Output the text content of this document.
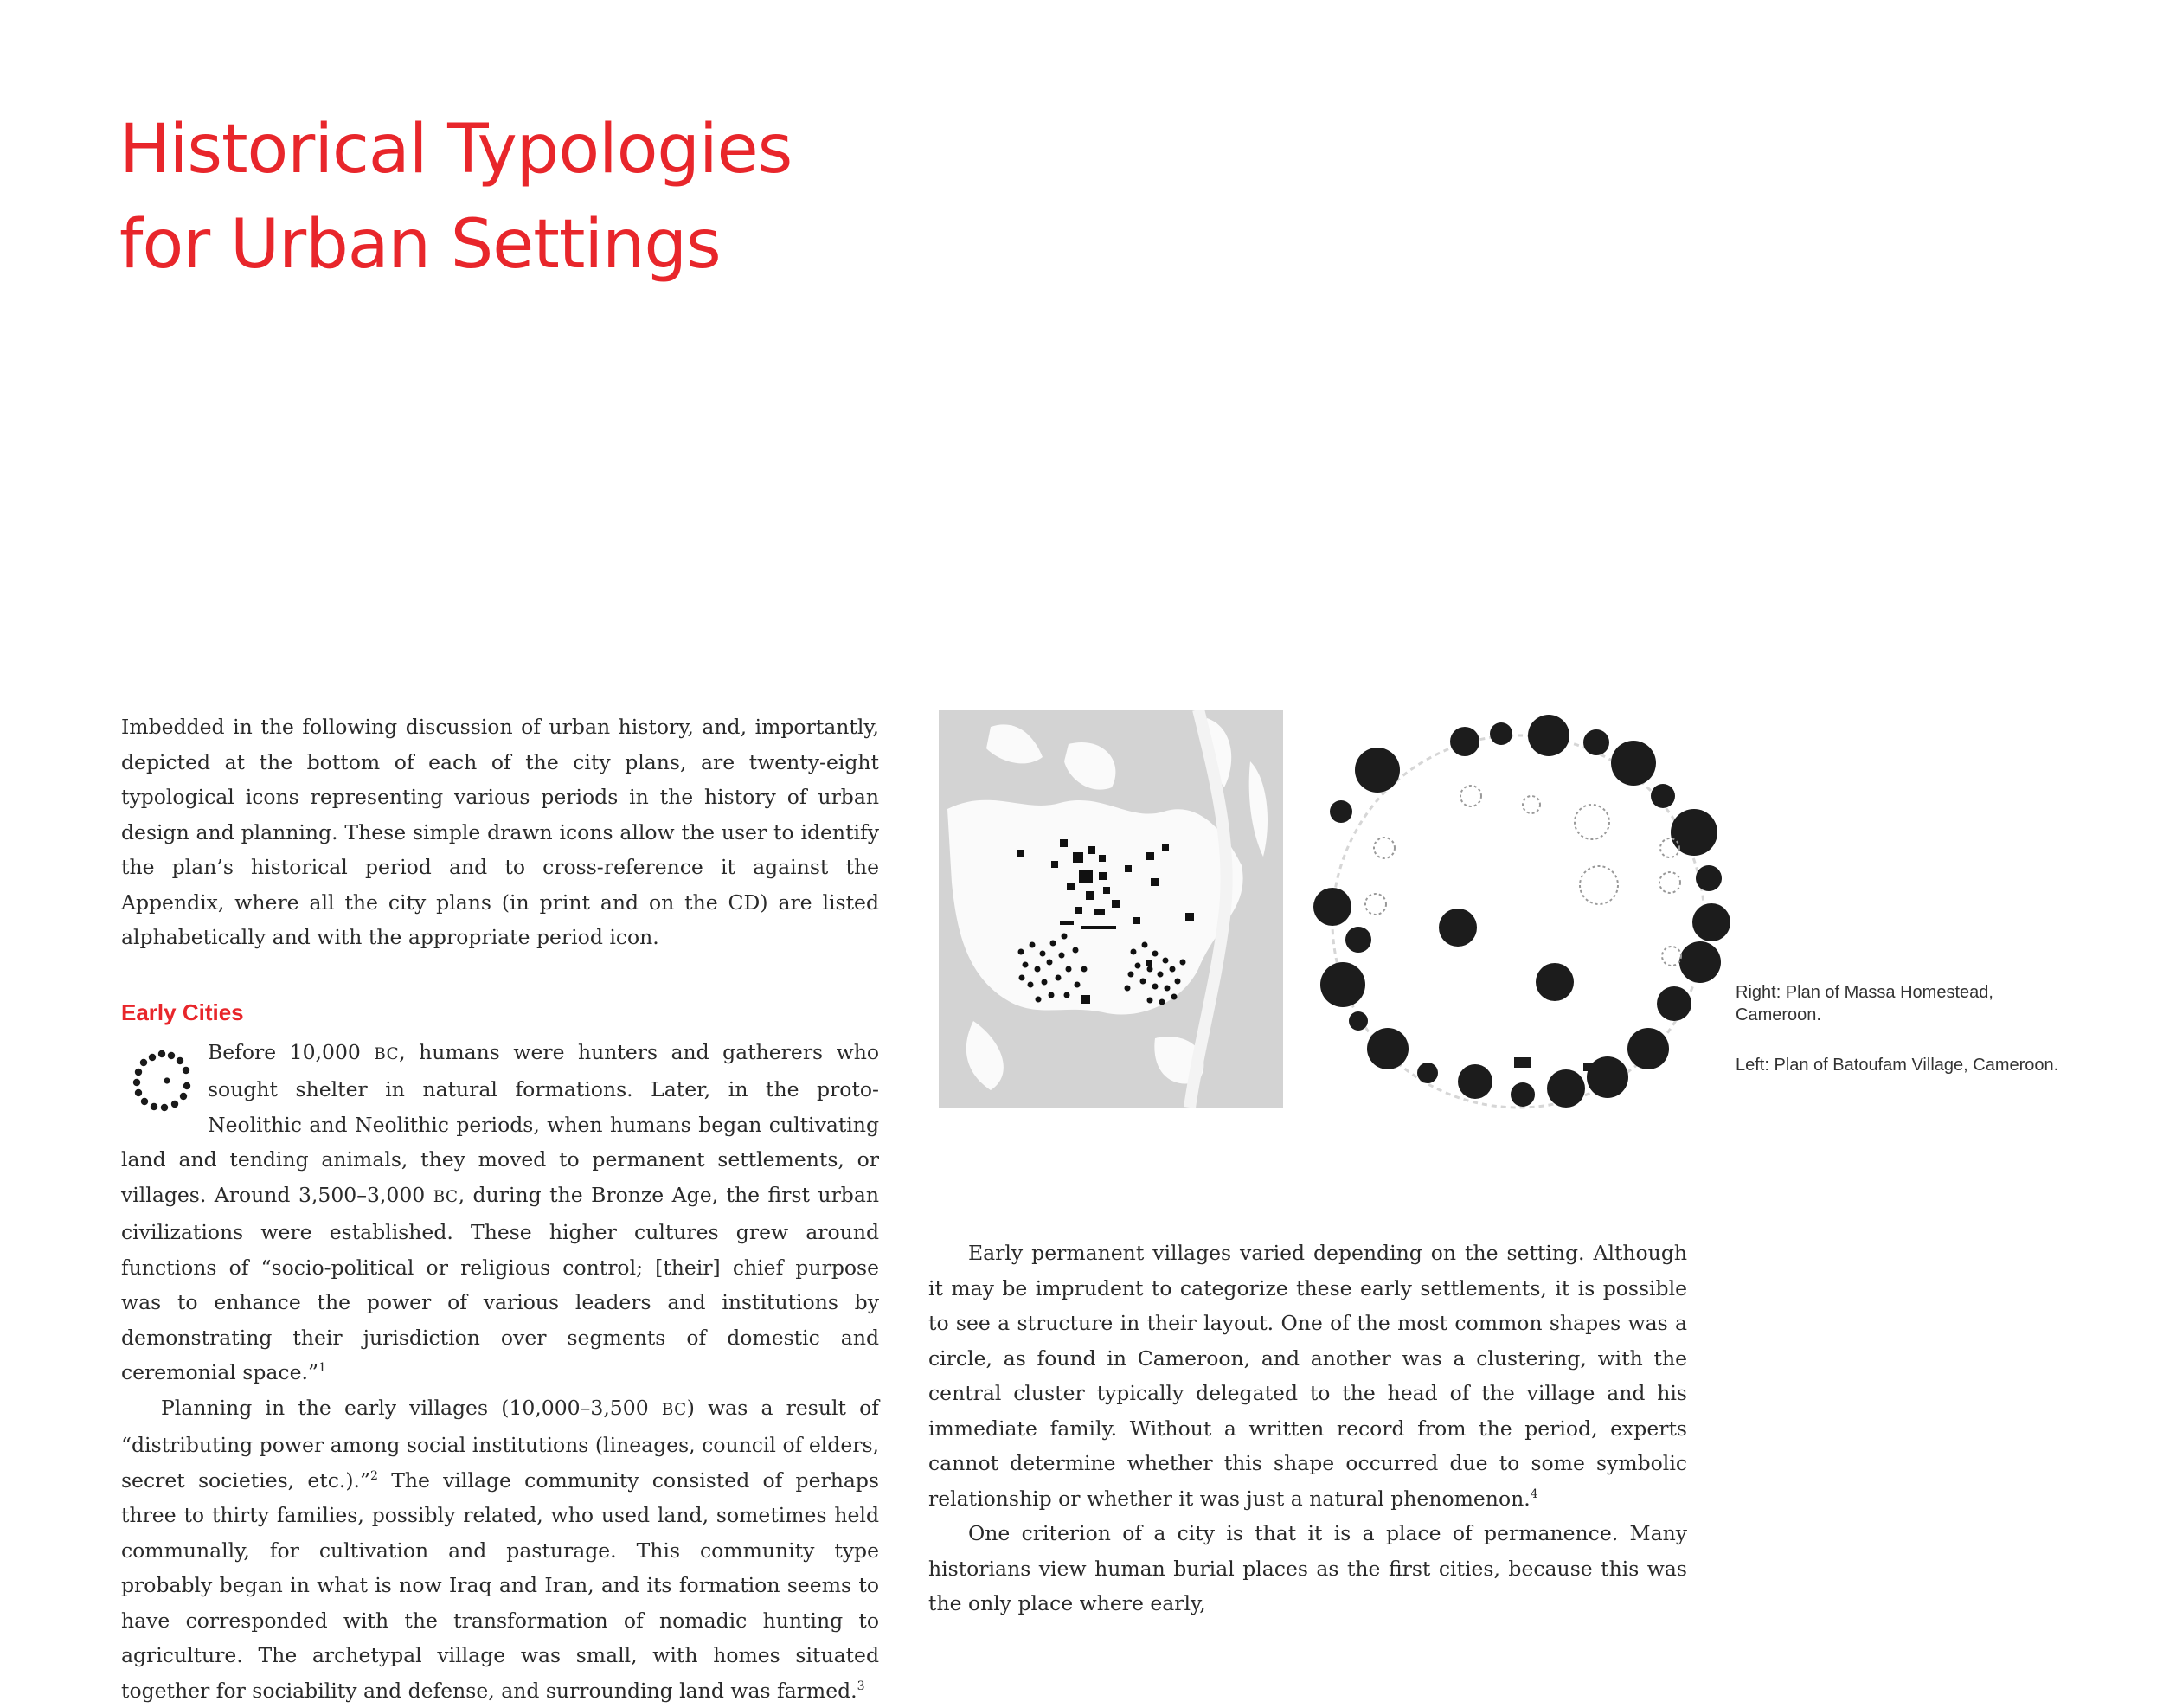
Historical Typologies
for Urban Settings

Imbedded in the following discussion of urban history, and, importantly, depicted at the bottom of each of the city plans, are twenty-eight typological icons representing various periods in the history of urban design and planning. These simple drawn icons allow the user to identify the plan’s historical period and to cross-reference it against the Appendix, where all the city plans (in print and on the CD) are listed alphabetically and with the appropriate period icon.

Early Cities

Before 10,000 BC, humans were hunters and gatherers who sought shelter in natural formations. Later, in the proto-Neolithic and Neolithic periods, when humans began cultivating land and tending animals, they moved to permanent settlements, or villages. Around 3,500–3,000 BC, during the Bronze Age, the first urban civilizations were established. These higher cultures grew around functions of “socio-political or religious control; [their] chief purpose was to enhance the power of various leaders and institutions by demonstrating their jurisdiction over segments of domestic and ceremonial space.”$^1$

Planning in the early villages (10,000–3,500 BC) was a result of “distributing power among social institutions (lineages, council of elders, secret societies, etc.).”$^2$ The village community consisted of perhaps three to thirty families, possibly related, who used land, sometimes held communally, for cultivation and pasturage. This community type probably began in what is now Iraq and Iran, and its formation seems to have corresponded with the transformation of nomadic hunting to agriculture. The archetypal village was small, with homes situated together for sociability and defense, and surrounding land was farmed.$^3$

Early permanent villages varied depending on the setting. Although it may be imprudent to categorize these early settlements, it is possible to see a structure in their layout. One of the most common shapes was a circle, as found in Cameroon, and another was a clustering, with the central cluster typically delegated to the head of the village and his immediate family. Without a written record from the period, experts cannot determine whether this shape occurred due to some symbolic relationship or whether it was just a natural phenomenon.$^4$

One criterion of a city is that it is a place of permanence. Many historians view human burial places as the first cities, because this was the only place where early,

Right: Plan of Massa Homestead, Cameroon.

Left: Plan of Batoufam Village, Cameroon.
